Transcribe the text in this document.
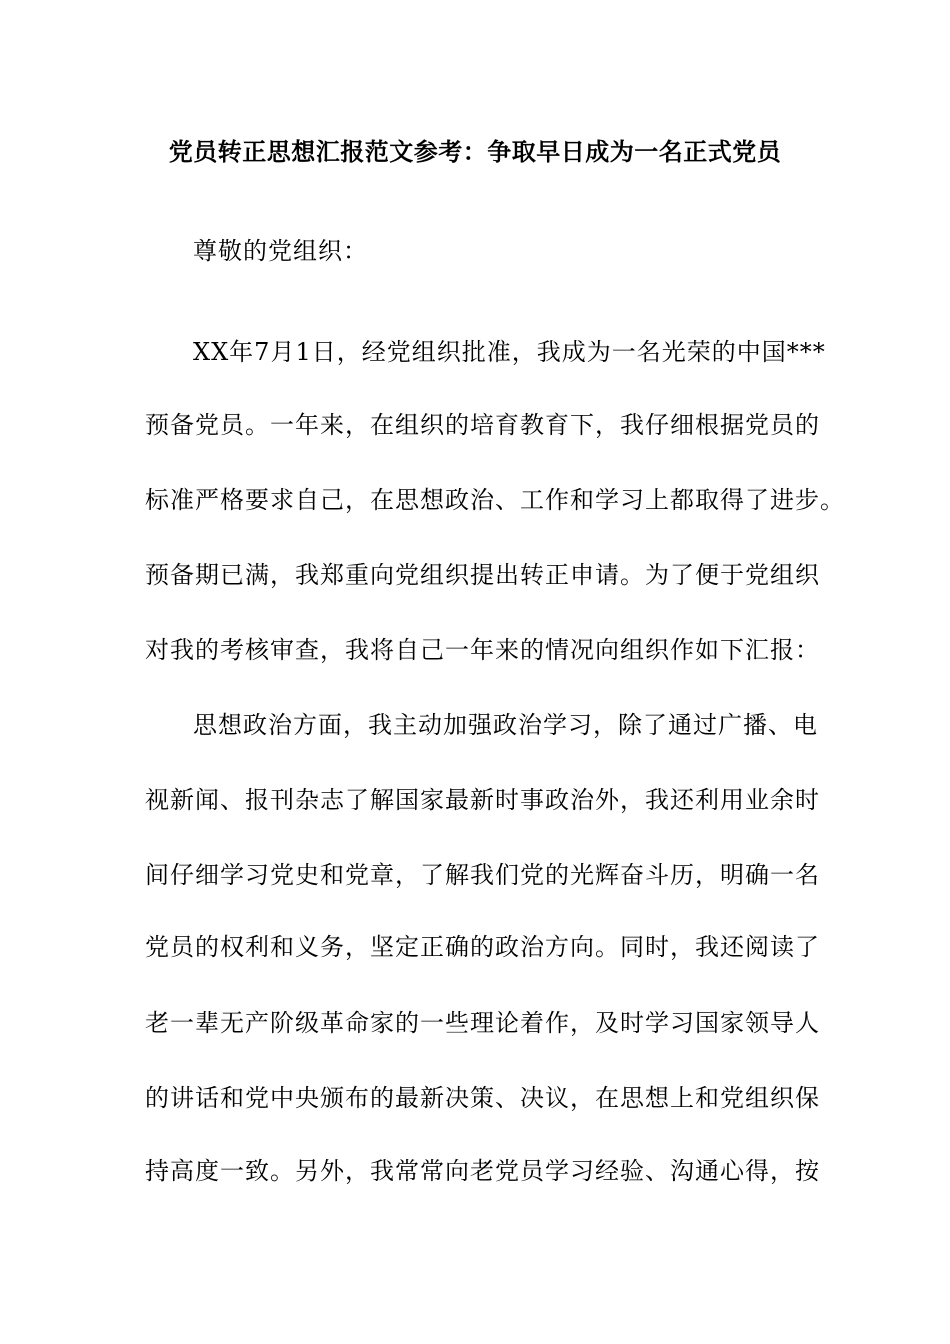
党员转正思想汇报范文参考：争取早日成为一名正式党员
尊敬的党组织：
XX年7月1日，经党组织批准，我成为一名光荣的中国***
预备党员。一年来，在组织的培育教育下，我仔细根据党员的
标准严格要求自己，在思想政治、工作和学习上都取得了进步。
预备期已满，我郑重向党组织提出转正申请。为了便于党组织
对我的考核审查，我将自己一年来的情况向组织作如下汇报：
思想政治方面，我主动加强政治学习，除了通过广播、电
视新闻、报刊杂志了解国家最新时事政治外，我还利用业余时
间仔细学习党史和党章，了解我们党的光辉奋斗历，明确一名
党员的权利和义务，坚定正确的政治方向。同时，我还阅读了
老一辈无产阶级革命家的一些理论着作，及时学习国家领导人
的讲话和党中央颁布的最新决策、决议，在思想上和党组织保
持高度一致。另外，我常常向老党员学习经验、沟通心得，按
